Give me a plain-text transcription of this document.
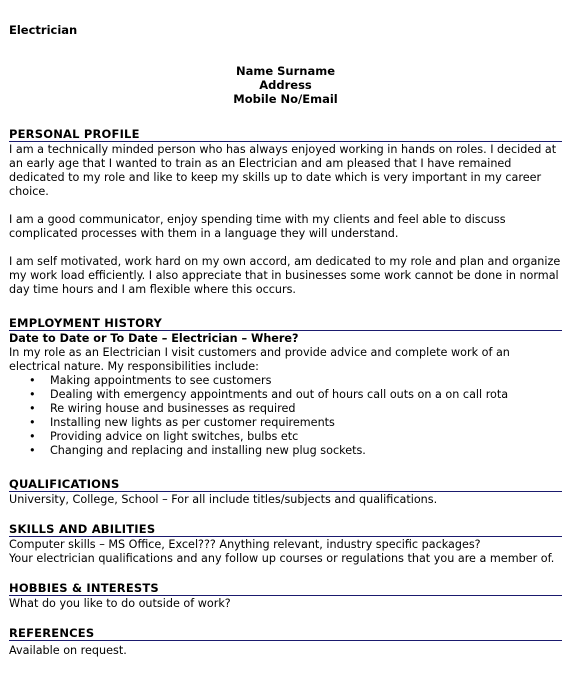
Electrician
Name Surname
Address
Mobile No/Email
PERSONAL PROFILE

I am a technically minded person who has always enjoyed working in hands on roles. I decided at an early age that I wanted to train as an Electrician and am pleased that I have remained dedicated to my role and like to keep my skills up to date which is very important in my career choice.

I am a good communicator, enjoy spending time with my clients and feel able to discuss complicated processes with them in a language they will understand.

I am self motivated, work hard on my own accord, am dedicated to my role and plan and organize my work load efficiently. I also appreciate that in businesses some work cannot be done in normal day time hours and I am flexible where this occurs.

EMPLOYMENT HISTORY

Date to Date or To Date – Electrician – Where?

In my role as an Electrician I visit customers and provide advice and complete work of an electrical nature. My responsibilities include:

• Making appointments to see customers
• Dealing with emergency appointments and out of hours call outs on a on call rota
• Re wiring house and businesses as required
• Installing new lights as per customer requirements
• Providing advice on light switches, bulbs etc
• Changing and replacing and installing new plug sockets.
QUALIFICATIONS

University, College, School – For all include titles/subjects and qualifications.

SKILLS AND ABILITIES

Computer skills – MS Office, Excel??? Anything relevant, industry specific packages?

Your electrician qualifications and any follow up courses or regulations that you are a member of.

HOBBIES & INTERESTS

What do you like to do outside of work?

REFERENCES

Available on request.
